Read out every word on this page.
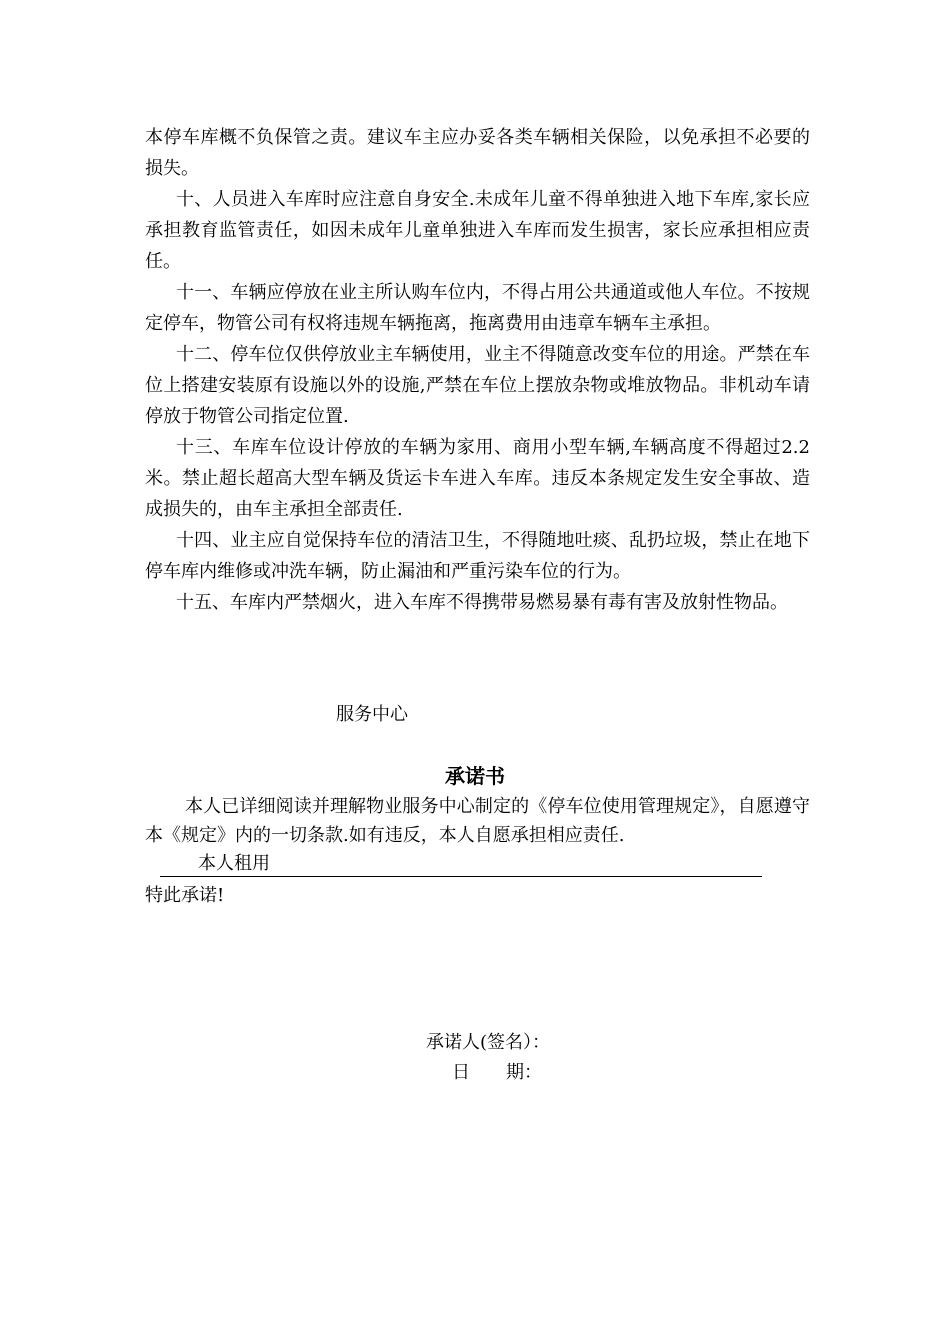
本停车库概不负保管之责。建议车主应办妥各类车辆相关保险，以免承担不必要的损失。

十、人员进入车库时应注意自身安全.未成年儿童不得单独进入地下车库,家长应承担教育监管责任，如因未成年儿童单独进入车库而发生损害，家长应承担相应责任。

十一、车辆应停放在业主所认购车位内，不得占用公共通道或他人车位。不按规定停车，物管公司有权将违规车辆拖离，拖离费用由违章车辆车主承担。

十二、停车位仅供停放业主车辆使用，业主不得随意改变车位的用途。严禁在车位上搭建安装原有设施以外的设施,严禁在车位上摆放杂物或堆放物品。非机动车请停放于物管公司指定位置.

十三、车库车位设计停放的车辆为家用、商用小型车辆,车辆高度不得超过2.2米。禁止超长超高大型车辆及货运卡车进入车库。违反本条规定发生安全事故、造成损失的，由车主承担全部责任.

十四、业主应自觉保持车位的清洁卫生，不得随地吐痰、乱扔垃圾，禁止在地下停车库内维修或冲洗车辆，防止漏油和严重污染车位的行为。

十五、车库内严禁烟火，进入车库不得携带易燃易暴有毒有害及放射性物品。

服务中心
承诺书

本人已详细阅读并理解物业服务中心制定的《停车位使用管理规定》，自愿遵守本《规定》内的一切条款.如有违反，本人自愿承担相应责任.

本人租用
特此承诺!
承诺人(签名）：
日　　期：
